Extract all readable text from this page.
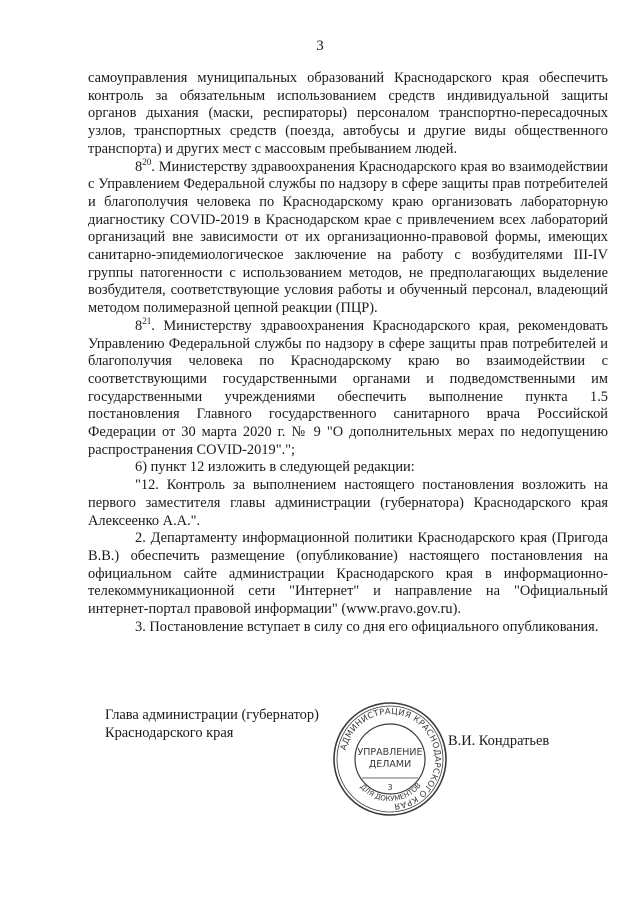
3

самоуправления муниципальных образований Краснодарского края обеспечить контроль за обязательным использованием средств индивидуальной защиты органов дыхания (маски, респираторы) персоналом транспортно-пересадочных узлов, транспортных средств (поезда, автобусы и другие виды общественного транспорта) и других мест с массовым пребыванием людей.

$8^{20}$. Министерству здравоохранения Краснодарского края во взаимодействии с Управлением Федеральной службы по надзору в сфере защиты прав потребителей и благополучия человека по Краснодарскому краю организовать лабораторную диагностику COVID-2019 в Краснодарском крае с привлечением всех лабораторий организаций вне зависимости от их организационно-правовой формы, имеющих санитарно-эпидемиологическое заключение на работу с возбудителями III-IV группы патогенности с использованием методов, не предполагающих выделение возбудителя, соответствующие условия работы и обученный персонал, владеющий методом полимеразной цепной реакции (ПЦР).

$8^{21}$. Министерству здравоохранения Краснодарского края, рекомендовать Управлению Федеральной службы по надзору в сфере защиты прав потребителей и благополучия человека по Краснодарскому краю во взаимодействии с соответствующими государственными органами и подведомственными им государственными учреждениями обеспечить выполнение пункта 1.5 постановления Главного государственного санитарного врача Российской Федерации от 30 марта 2020 г. № 9 "О дополнительных мерах по недопущению распространения COVID-2019".";

6) пункт 12 изложить в следующей редакции:

"12. Контроль за выполнением настоящего постановления возложить на первого заместителя главы администрации (губернатора) Краснодарского края Алексеенко А.А.".

2. Департаменту информационной политики Краснодарского края (Пригода В.В.) обеспечить размещение (опубликование) настоящего постановления на официальном сайте администрации Краснодарского края в информационно-телекоммуникационной сети "Интернет" и направление на "Официальный интернет-портал правовой информации" (www.pravo.gov.ru).

3. Постановление вступает в силу со дня его официального опубликования.

Глава администрации (губернатор)
Краснодарского края
АДМИНИСТРАЦИЯ КРАСНОДАРСКОГО КРАЯ
ДЛЯ ДОКУМЕНТОВ
УПРАВЛЕНИЕ
ДЕЛАМИ
3
В.И. Кондратьев
